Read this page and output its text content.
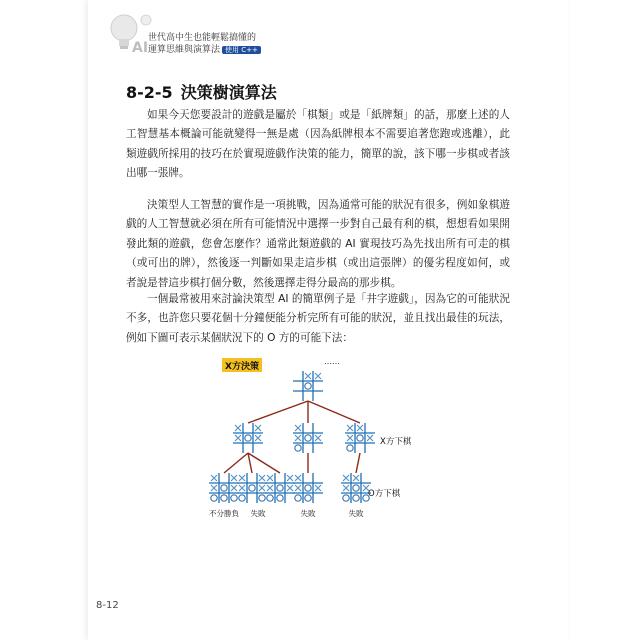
AI
世代高中生也能輕鬆搞懂的
運算思維與演算法 使用 C++
8-2-5 決策樹演算法

如果今天您要設計的遊戲是屬於「棋類」或是「紙牌類」的話，那麼上述的人工智慧基本概論可能就變得一無是處（因為紙牌根本不需要追著您跑或逃離），此類遊戲所採用的技巧在於實現遊戲作決策的能力，簡單的說，該下哪一步棋或者該出哪一張牌。

決策型人工智慧的實作是一項挑戰，因為通常可能的狀況有很多，例如象棋遊戲的人工智慧就必須在所有可能情況中選擇一步對自己最有利的棋，想想看如果開發此類的遊戲，您會怎麼作？通常此類遊戲的 AI 實現技巧為先找出所有可走的棋（或可出的牌），然後逐一判斷如果走這步棋（或出這張牌）的優劣程度如何，或者說是替這步棋打個分數，然後選擇走得分最高的那步棋。

一個最常被用來討論決策型 AI 的簡單例子是「井字遊戲」，因為它的可能狀況不多，也許您只要花個十分鐘便能分析完所有可能的狀況，並且找出最佳的玩法，例如下圖可表示某個狀況下的 O 方的可能下法：

X方決策
……
X方下棋
O方下棋
不分勝負 失敗	失敗	失敗
8-12
